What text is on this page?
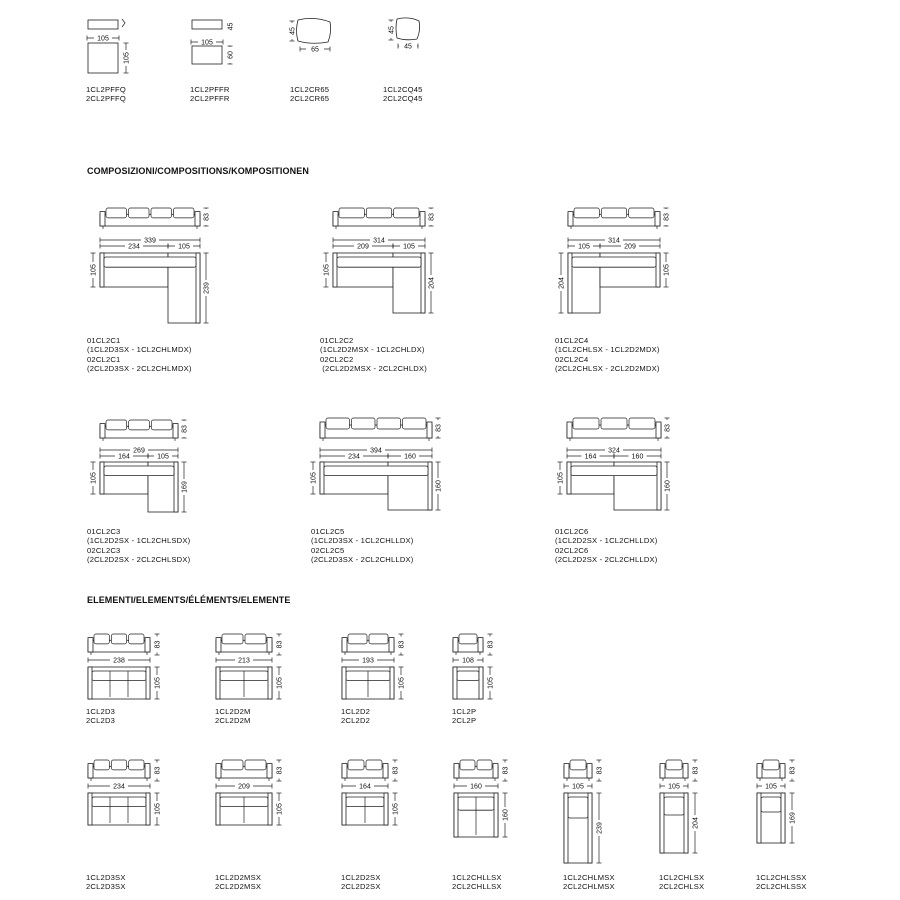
105
105
45
105
60
45
65
45
45
83
339
234	105
105
239
83
314
209	105
105
204
83
314
105	209
204
105
83
269
164	105
105
169
83
394
234	160
105
160
83
324
164	160
105
160
83
238
105
83
213
105
83
193
105
83
108
105
83
234
105
83
209
105
83
164
105
83
160
160
83
105
239
83
105
204
83
105
169
COMPOSIZIONI/COMPOSITIONS/KOMPOSITIONEN
ELEMENTI/ELEMENTS/ÉLÉMENTS/ELEMENTE
1CL2PFFQ
2CL2PFFQ
1CL2PFFR
2CL2PFFR
1CL2CR65
2CL2CR65
1CL2CQ45
2CL2CQ45
01CL2C1
(1CL2D3SX - 1CL2CHLMDX)
02CL2C1
(2CL2D3SX - 2CL2CHLMDX)
01CL2C2
(1CL2D2MSX - 1CL2CHLDX)
02CL2C2
(2CL2D2MSX - 2CL2CHLDX)
01CL2C4
(1CL2CHLSX - 1CL2D2MDX)
02CL2C4
(2CL2CHLSX - 2CL2D2MDX)
01CL2C3
(1CL2D2SX - 1CL2CHLSDX)
02CL2C3
(2CL2D2SX - 2CL2CHLSDX)
01CL2C5
(1CL2D3SX - 1CL2CHLLDX)
02CL2C5
(2CL2D3SX - 2CL2CHLLDX)
01CL2C6
(1CL2D2SX - 1CL2CHLLDX)
02CL2C6
(2CL2D2SX - 2CL2CHLLDX)
1CL2D3
2CL2D3
1CL2D2M
2CL2D2M
1CL2D2
2CL2D2
1CL2P
2CL2P
1CL2D3SX
2CL2D3SX
1CL2D2MSX
2CL2D2MSX
1CL2D2SX
2CL2D2SX
1CL2CHLLSX
2CL2CHLLSX
1CL2CHLMSX
2CL2CHLMSX
1CL2CHLSX
2CL2CHLSX
1CL2CHLSSX
2CL2CHLSSX
